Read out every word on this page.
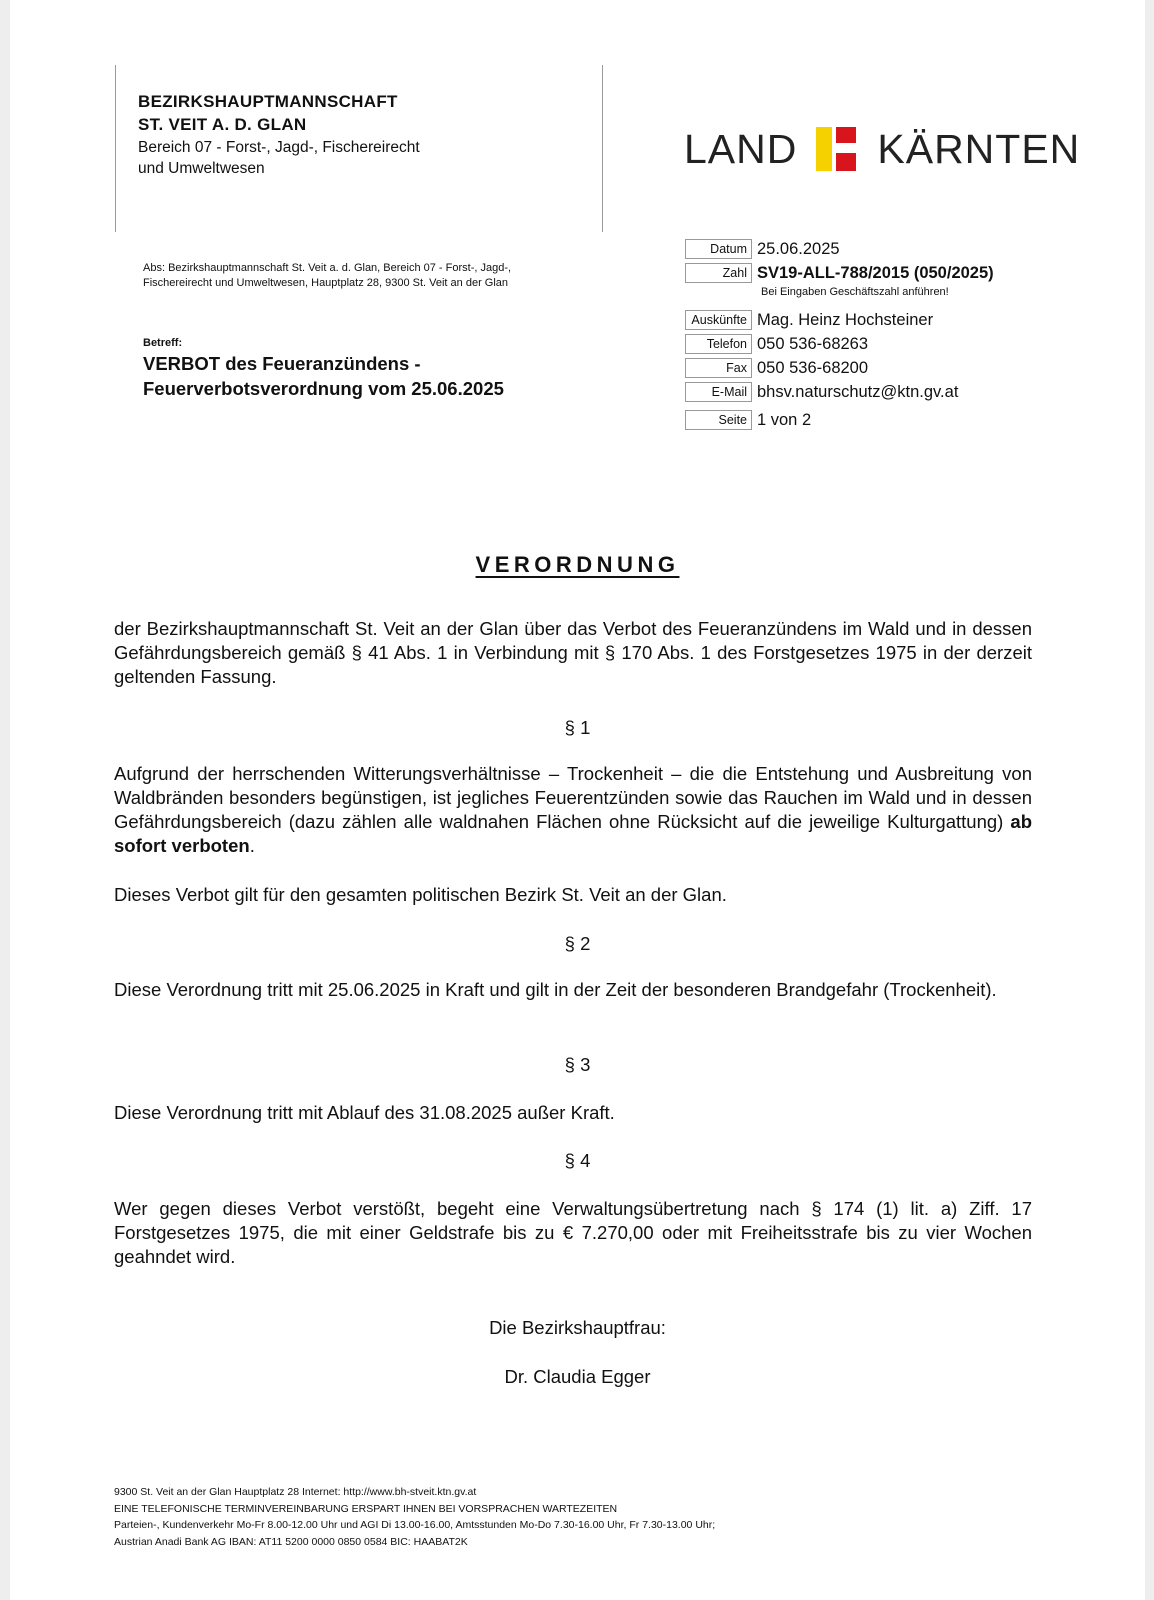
BEZIRKSHAUPTMANNSCHAFT
ST. VEIT A. D. GLAN
Bereich 07 - Forst-, Jagd-, Fischereirecht
und Umweltwesen	LAND KÄRNTEN
Abs: Bezirkshauptmannschaft St. Veit a. d. Glan, Bereich 07 - Forst-, Jagd-,
Fischereirecht und Umweltwesen, Hauptplatz 28, 9300 St. Veit an der Glan
Betreff:
VERBOT des Feueranzündens -
Feuerverbotsverordnung vom 25.06.2025
Datum 25.06.2025
Zahl SV19-ALL-788/2015 (050/2025)
Bei Eingaben Geschäftszahl anführen!
Auskünfte Mag. Heinz Hochsteiner
Telefon 050 536-68263
Fax 050 536-68200
E-Mail bhsv.naturschutz@ktn.gv.at
Seite 1 von 2
VERORDNUNG
der Bezirkshauptmannschaft St. Veit an der Glan über das Verbot des Feueranzündens im Wald und in dessen Gefährdungsbereich gemäß § 41 Abs. 1 in Verbindung mit § 170 Abs. 1 des Forstgesetzes 1975 in der derzeit geltenden Fassung.
§ 1
Aufgrund der herrschenden Witterungsverhältnisse – Trockenheit – die die Entstehung und Ausbreitung von Waldbränden besonders begünstigen, ist jegliches Feuerentzünden sowie das Rauchen im Wald und in dessen Gefährdungsbereich (dazu zählen alle waldnahen Flächen ohne Rücksicht auf die jeweilige Kulturgattung) ab sofort verboten.
Dieses Verbot gilt für den gesamten politischen Bezirk St. Veit an der Glan.
§ 2
Diese Verordnung tritt mit 25.06.2025 in Kraft und gilt in der Zeit der besonderen Brandgefahr (Trockenheit).
§ 3
Diese Verordnung tritt mit Ablauf des 31.08.2025 außer Kraft.
§ 4
Wer gegen dieses Verbot verstößt, begeht eine Verwaltungsübertretung nach § 174 (1) lit. a) Ziff. 17 Forstgesetzes 1975, die mit einer Geldstrafe bis zu € 7.270,00 oder mit Freiheitsstrafe bis zu vier Wochen geahndet wird.
Die Bezirkshauptfrau:
Dr. Claudia Egger
9300 St. Veit an der Glan Hauptplatz 28 Internet: http://www.bh-stveit.ktn.gv.at
EINE TELEFONISCHE TERMINVEREINBARUNG ERSPART IHNEN BEI VORSPRACHEN WARTEZEITEN
Parteien-, Kundenverkehr Mo-Fr 8.00-12.00 Uhr und AGI Di 13.00-16.00, Amtsstunden Mo-Do 7.30-16.00 Uhr, Fr 7.30-13.00 Uhr;
Austrian Anadi Bank AG IBAN: AT11 5200 0000 0850 0584 BIC: HAABAT2K
